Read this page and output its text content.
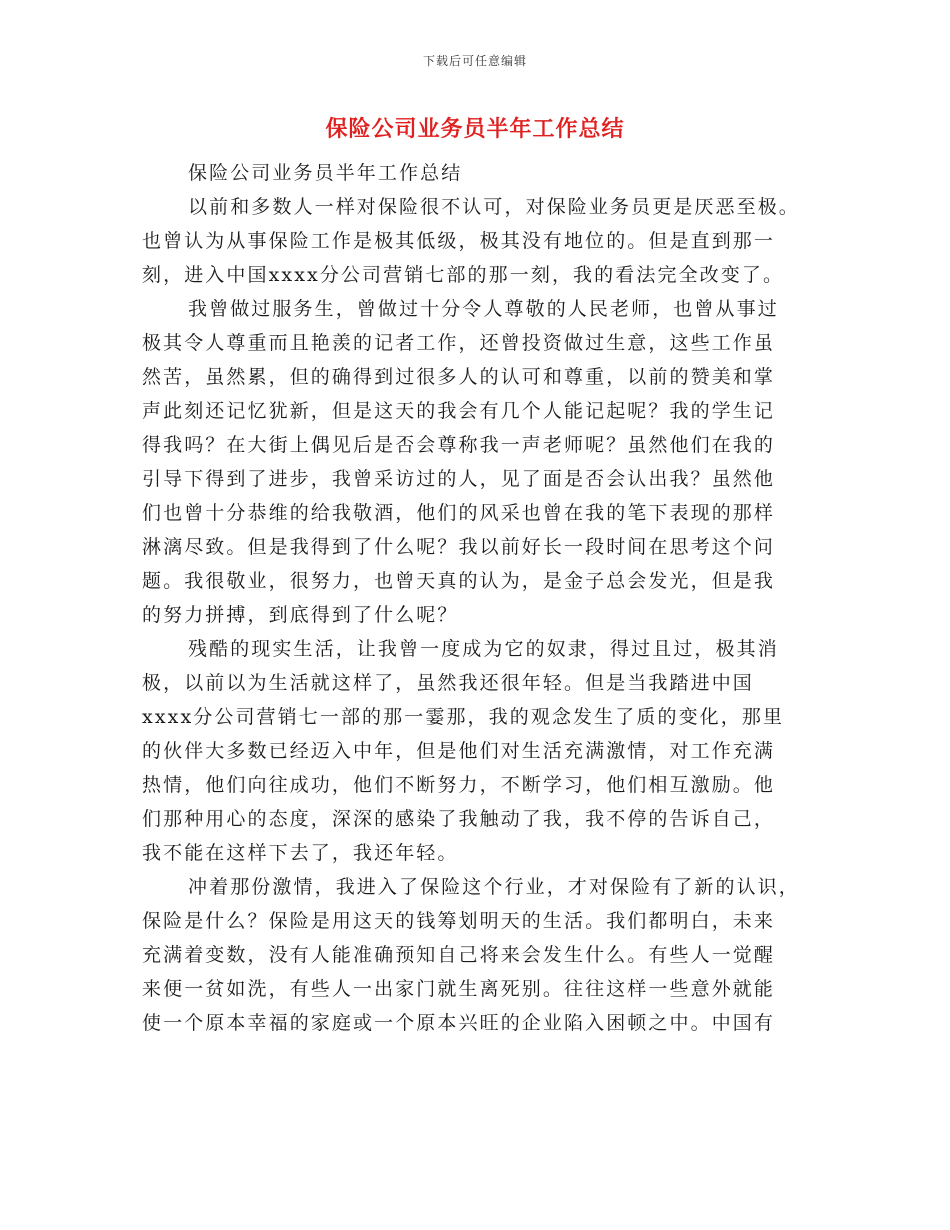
下载后可任意编辑
保险公司业务员半年工作总结
保险公司业务员半年工作总结
以前和多数人一样对保险很不认可，对保险业务员更是厌恶至极。
也曾认为从事保险工作是极其低级，极其没有地位的。但是直到那一
刻，进入中国xxxx分公司营销七部的那一刻，我的看法完全改变了。
我曾做过服务生，曾做过十分令人尊敬的人民老师，也曾从事过
极其令人尊重而且艳羡的记者工作，还曾投资做过生意，这些工作虽
然苦，虽然累，但的确得到过很多人的认可和尊重，以前的赞美和掌
声此刻还记忆犹新，但是这天的我会有几个人能记起呢？我的学生记
得我吗？在大街上偶见后是否会尊称我一声老师呢？虽然他们在我的
引导下得到了进步，我曾采访过的人，见了面是否会认出我？虽然他
们也曾十分恭维的给我敬酒，他们的风采也曾在我的笔下表现的那样
淋漓尽致。但是我得到了什么呢？我以前好长一段时间在思考这个问
题。我很敬业，很努力，也曾天真的认为，是金子总会发光，但是我
的努力拼搏，到底得到了什么呢？
残酷的现实生活，让我曾一度成为它的奴隶，得过且过，极其消
极，以前以为生活就这样了，虽然我还很年轻。但是当我踏进中国
xxxx分公司营销七一部的那一霎那，我的观念发生了质的变化，那里
的伙伴大多数已经迈入中年，但是他们对生活充满激情，对工作充满
热情，他们向往成功，他们不断努力，不断学习，他们相互激励。他
们那种用心的态度，深深的感染了我触动了我，我不停的告诉自己，
我不能在这样下去了，我还年轻。
冲着那份激情，我进入了保险这个行业，才对保险有了新的认识，
保险是什么？保险是用这天的钱筹划明天的生活。我们都明白，未来
充满着变数，没有人能准确预知自己将来会发生什么。有些人一觉醒
来便一贫如洗，有些人一出家门就生离死别。往往这样一些意外就能
使一个原本幸福的家庭或一个原本兴旺的企业陷入困顿之中。中国有
